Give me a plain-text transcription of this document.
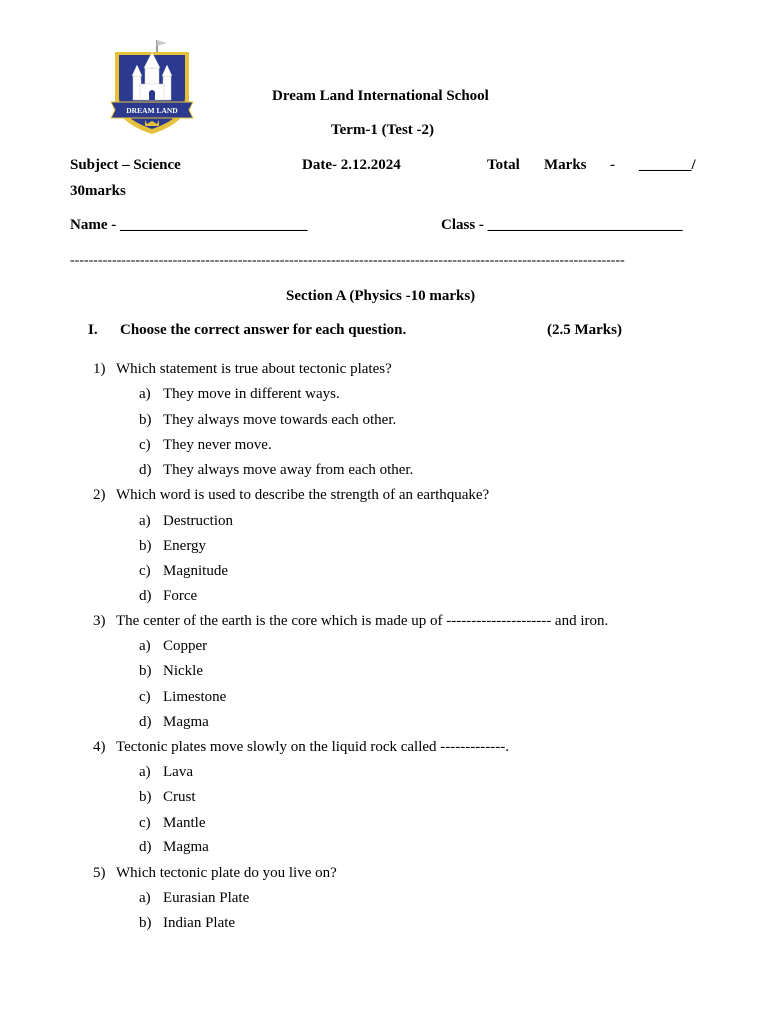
DREAM LAND
Dream Land International School
Term-1 (Test -2)
Subject – Science	Date- 2.12.2024	Total Marks - _______/
30marks
Name - _________________________	Class - __________________________
-----------------------------------------------------------------------------------------------------------------------
Section A (Physics -10 marks)
I. Choose the correct answer for each question.	(2.5 Marks)
1) Which statement is true about tectonic plates?
a) They move in different ways.
b) They always move towards each other.
c) They never move.
d) They always move away from each other.
2) Which word is used to describe the strength of an earthquake?
a) Destruction
b) Energy
c) Magnitude
d) Force
3) The center of the earth is the core which is made up of --------------------- and iron.
a) Copper
b) Nickle
c) Limestone
d) Magma
4) Tectonic plates move slowly on the liquid rock called -------------.
a) Lava
b) Crust
c) Mantle
d) Magma
5) Which tectonic plate do you live on?
a) Eurasian Plate
b) Indian Plate
